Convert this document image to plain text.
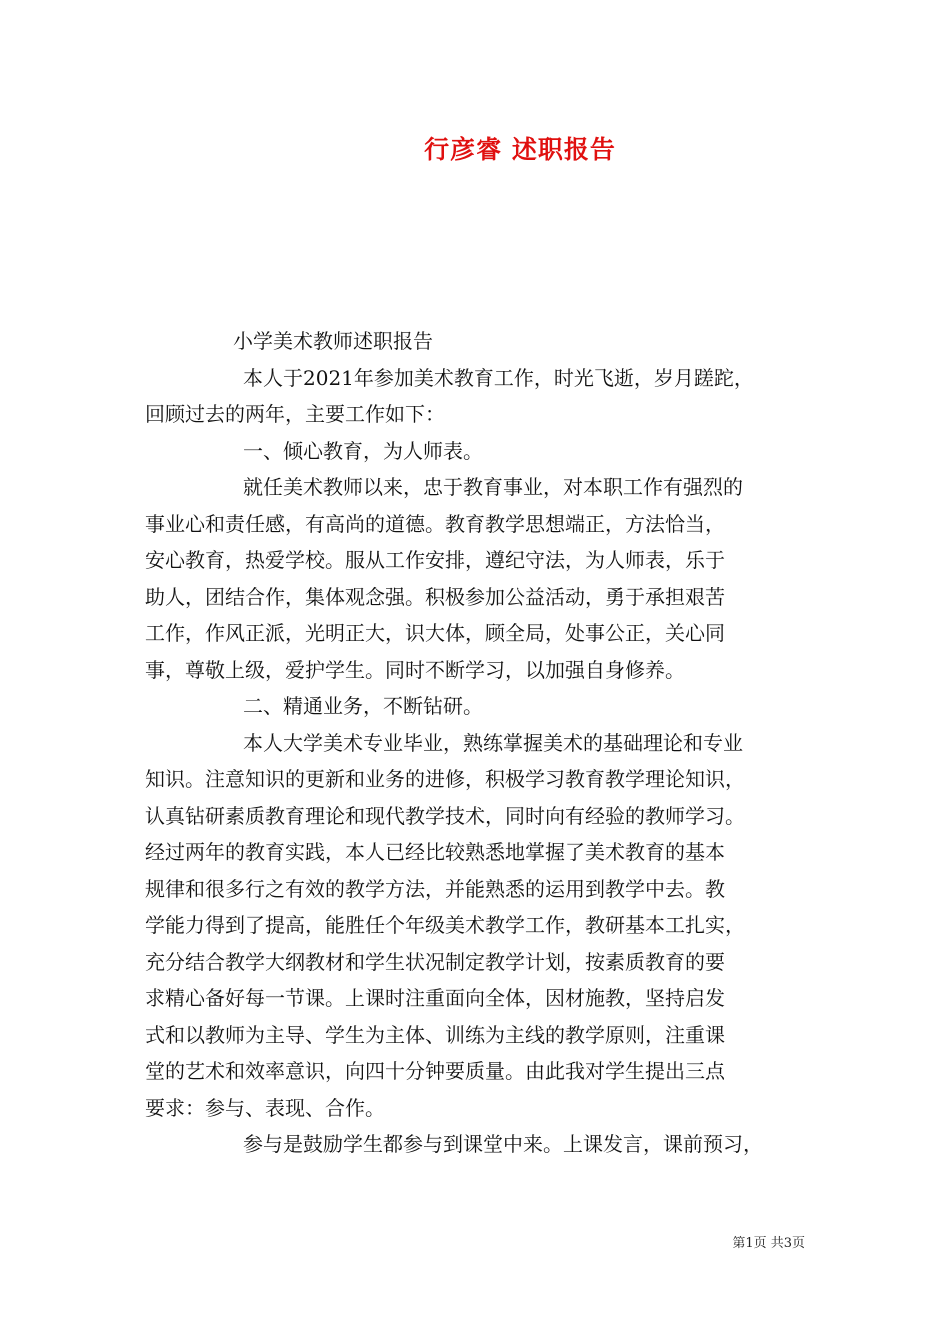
行彦睿 述职报告

小学美术教师述职报告

本人于2021年参加美术教育工作，时光飞逝，岁月蹉跎，

回顾过去的两年，主要工作如下：

一、倾心教育，为人师表。

就任美术教师以来，忠于教育事业，对本职工作有强烈的

事业心和责任感，有高尚的道德。教育教学思想端正，方法恰当，

安心教育，热爱学校。服从工作安排，遵纪守法，为人师表，乐于

助人，团结合作，集体观念强。积极参加公益活动，勇于承担艰苦

工作，作风正派，光明正大，识大体，顾全局，处事公正，关心同

事，尊敬上级，爱护学生。同时不断学习，以加强自身修养。

二、精通业务，不断钻研。

本人大学美术专业毕业，熟练掌握美术的基础理论和专业

知识。注意知识的更新和业务的进修，积极学习教育教学理论知识，

认真钻研素质教育理论和现代教学技术，同时向有经验的教师学习。

经过两年的教育实践，本人已经比较熟悉地掌握了美术教育的基本

规律和很多行之有效的教学方法，并能熟悉的运用到教学中去。教

学能力得到了提高，能胜任个年级美术教学工作，教研基本工扎实，

充分结合教学大纲教材和学生状况制定教学计划，按素质教育的要

求精心备好每一节课。上课时注重面向全体，因材施教，坚持启发

式和以教师为主导、学生为主体、训练为主线的教学原则，注重课

堂的艺术和效率意识，向四十分钟要质量。由此我对学生提出三点

要求：参与、表现、合作。

参与是鼓励学生都参与到课堂中来。上课发言，课前预习，

第1页 共3页
